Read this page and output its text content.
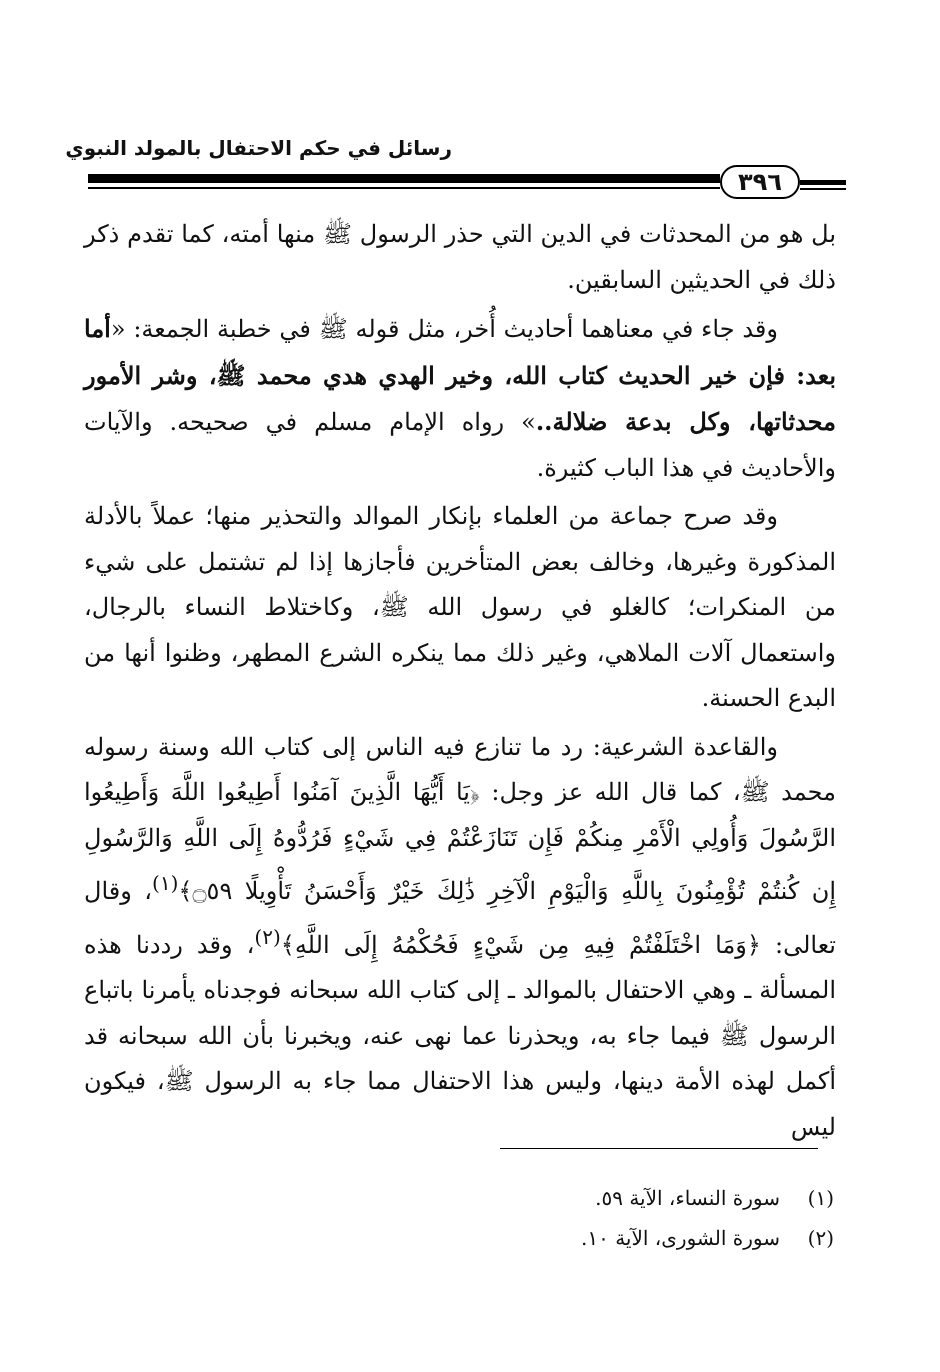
رسائل في حكم الاحتفال بالمولد النبوي
٣٩٦

بل هو من المحدثات في الدين التي حذر الرسول ﷺ منها أمته، كما تقدم ذكر ذلك في الحديثين السابقين.

وقد جاء في معناهما أحاديث أُخر، مثل قوله ﷺ في خطبة الجمعة: «أما بعد: فإن خير الحديث كتاب الله، وخير الهدي هدي محمد ﷺ، وشر الأمور محدثاتها، وكل بدعة ضلالة..» رواه الإمام مسلم في صحيحه. والآيات والأحاديث في هذا الباب كثيرة.

وقد صرح جماعة من العلماء بإنكار الموالد والتحذير منها؛ عملاً بالأدلة المذكورة وغيرها، وخالف بعض المتأخرين فأجازها إذا لم تشتمل على شيء من المنكرات؛ كالغلو في رسول الله ﷺ، وكاختلاط النساء بالرجال، واستعمال آلات الملاهي، وغير ذلك مما ينكره الشرع المطهر، وظنوا أنها من البدع الحسنة.

والقاعدة الشرعية: رد ما تنازع فيه الناس إلى كتاب الله وسنة رسوله محمد ﷺ، كما قال الله عز وجل: ﴿يَا أَيُّهَا الَّذِينَ آمَنُوا أَطِيعُوا اللَّهَ وَأَطِيعُوا الرَّسُولَ وَأُولِي الْأَمْرِ مِنكُمْ فَإِن تَنَازَعْتُمْ فِي شَيْءٍ فَرُدُّوهُ إِلَى اللَّهِ وَالرَّسُولِ إِن كُنتُمْ تُؤْمِنُونَ بِاللَّهِ وَالْيَوْمِ الْآخِرِ ذَٰلِكَ خَيْرٌ وَأَحْسَنُ تَأْوِيلًا ۝٥٩﴾$^{(١)}$، وقال تعالى: ﴿وَمَا اخْتَلَفْتُمْ فِيهِ مِن شَيْءٍ فَحُكْمُهُ إِلَى اللَّهِ﴾$^{(٢)}$، وقد رددنا هذه المسألة ـ وهي الاحتفال بالموالد ـ إلى كتاب الله سبحانه فوجدناه يأمرنا باتباع الرسول ﷺ فيما جاء به، ويحذرنا عما نهى عنه، ويخبرنا بأن الله سبحانه قد أكمل لهذه الأمة دينها، وليس هذا الاحتفال مما جاء به الرسول ﷺ، فيكون ليس

(١)سورة النساء، الآية ٥٩.
(٢)سورة الشورى، الآية ١٠.
